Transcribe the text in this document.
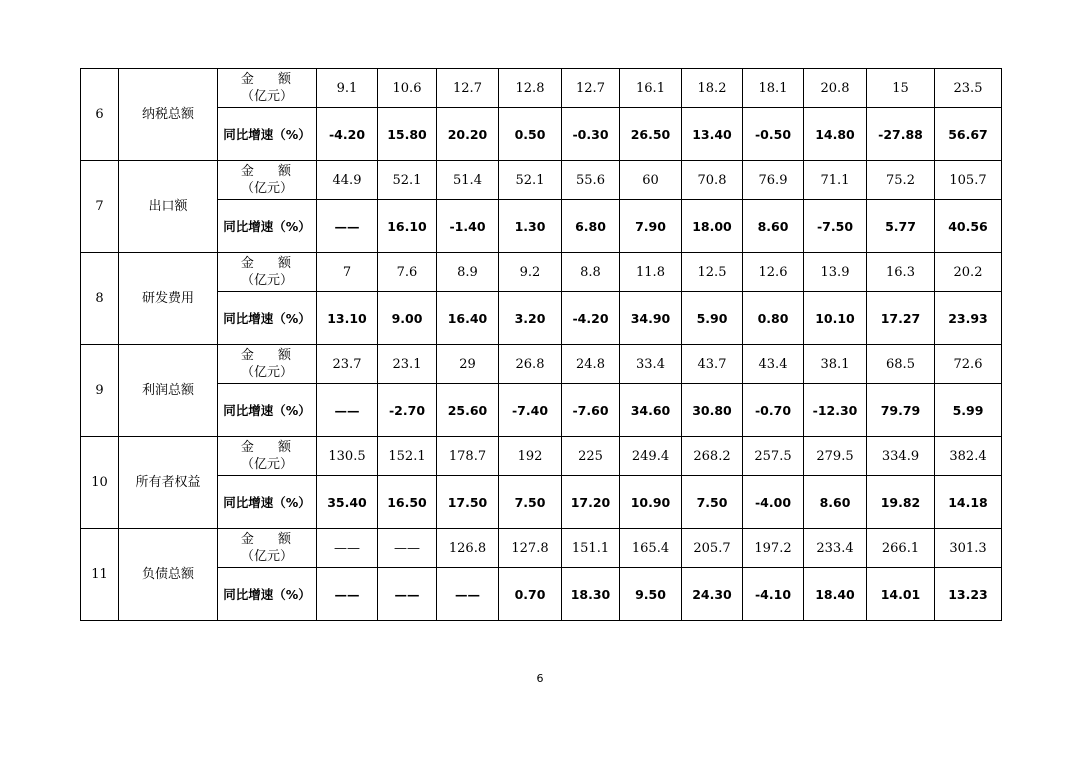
6	纳税总额	金 额
（亿元）	9.1	10.6	12.7	12.8	12.7	16.1	18.2	18.1	20.8	15	23.5
		同比增速（%）	-4.20	15.80	20.20	0.50	-0.30	26.50	13.40	-0.50	14.80	-27.88	56.67
7	出口额	金 额
（亿元）	44.9	52.1	51.4	52.1	55.6	60	70.8	76.9	71.1	75.2	105.7
		同比增速（%）	——	16.10	-1.40	1.30	6.80	7.90	18.00	8.60	-7.50	5.77	40.56
8	研发费用	金 额
（亿元）	7	7.6	8.9	9.2	8.8	11.8	12.5	12.6	13.9	16.3	20.2
		同比增速（%）	13.10	9.00	16.40	3.20	-4.20	34.90	5.90	0.80	10.10	17.27	23.93
9	利润总额	金 额
（亿元）	23.7	23.1	29	26.8	24.8	33.4	43.7	43.4	38.1	68.5	72.6
		同比增速（%）	——	-2.70	25.60	-7.40	-7.60	34.60	30.80	-0.70	-12.30	79.79	5.99
10	所有者权益	金 额
（亿元）	130.5	152.1	178.7	192	225	249.4	268.2	257.5	279.5	334.9	382.4
		同比增速（%）	35.40	16.50	17.50	7.50	17.20	10.90	7.50	-4.00	8.60	19.82	14.18
11	负债总额	金 额
（亿元）	——	——	126.8	127.8	151.1	165.4	205.7	197.2	233.4	266.1	301.3
		同比增速（%）	——	——	——	0.70	18.30	9.50	24.30	-4.10	18.40	14.01	13.23
6
